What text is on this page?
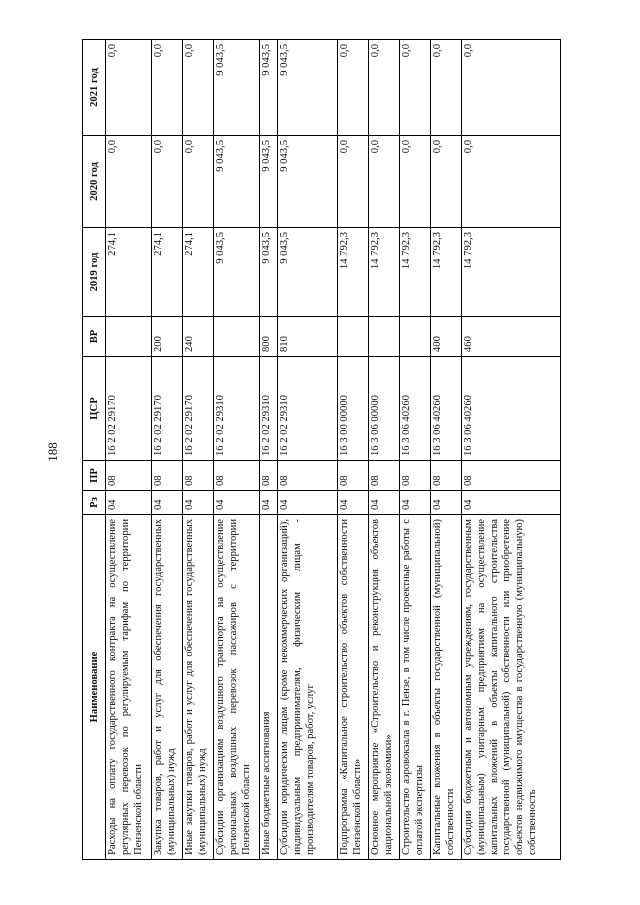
188
Наименование	Рз	ПР	ЦСР	ВР	2019 год	2020 год	2021 год
Расходы на оплату государственного контракта на осуществление регулярных перевозок по регулируемым тарифам по территории Пензенской области	04	08	16 2 02 29170		274,1	0,0	0,0
Закупка товаров, работ и услуг для обеспечения государственных (муниципальных) нужд	04	08	16 2 02 29170	200	274,1	0,0	0,0
Иные закупки товаров, работ и услуг для обеспечения государственных (муниципальных) нужд	04	08	16 2 02 29170	240	274,1	0,0	0,0
Субсидии организациям воздушного транспорта на осуществление региональных воздушных перевозок пассажиров с территории Пензенской области	04	08	16 2 02 29310		9 043,5	9 043,5	9 043,5
Иные бюджетные ассигнования	04	08	16 2 02 29310	800	9 043,5	9 043,5	9 043,5
Субсидии юридическим лицам (кроме некоммерческих организаций), индивидуальным предпринимателям, физическим лицам - производителям товаров, работ, услуг	04	08	16 2 02 29310	810	9 043,5	9 043,5	9 043,5
Подпрограмма «Капитальное строительство объектов собственности Пензенской области»	04	08	16 3 00 00000		14 792,3	0,0	0,0
Основное мероприятие «Строительство и реконструкция объектов национальной экономики»	04	08	16 3 06 00000		14 792,3	0,0	0,0
Строительство аэровокзала в г. Пензе, в том числе проектные работы с оплатой экспертизы	04	08	16 3 06 40260		14 792,3	0,0	0,0
Капитальные вложения в объекты государственной (муниципальной) собственности	04	08	16 3 06 40260	400	14 792,3	0,0	0,0
Субсидии бюджетным и автономным учреждениям, государственным (муниципальным) унитарным предприятиям на осуществление капитальных вложений в объекты капитального строительства государственной (муниципальной) собственности или приобретение объектов недвижимого имущества в государственную (муниципальную) собственность	04	08	16 3 06 40260	460	14 792,3	0,0	0,0
